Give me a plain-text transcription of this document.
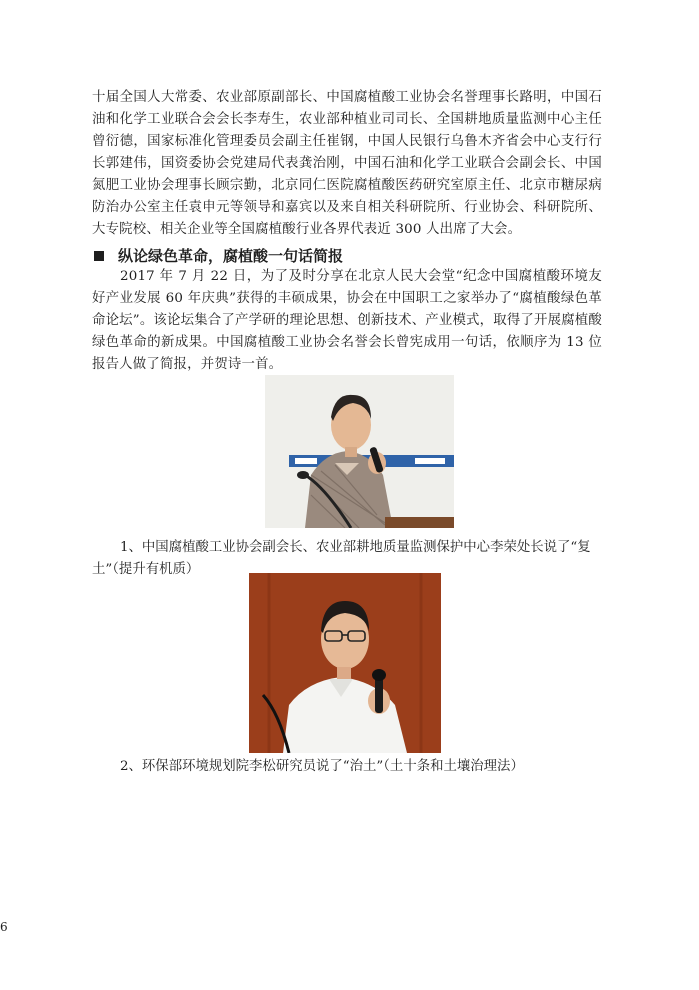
十届全国人大常委、农业部原副部长、中国腐植酸工业协会名誉理事长路明，中国石油和化学工业联合会会长李寿生，农业部种植业司司长、全国耕地质量监测中心主任曾衍德，国家标准化管理委员会副主任崔钢，中国人民银行乌鲁木齐省会中心支行行长郭建伟，国资委协会党建局代表龚治刚，中国石油和化学工业联合会副会长、中国氮肥工业协会理事长顾宗勤，北京同仁医院腐植酸医药研究室原主任、北京市糖尿病防治办公室主任袁申元等领导和嘉宾以及来自相关科研院所、行业协会、科研院所、大专院校、相关企业等全国腐植酸行业各界代表近 300 人出席了大会。

纵论绿色革命，腐植酸一句话简报

2017 年 7 月 22 日，为了及时分享在北京人民大会堂“纪念中国腐植酸环境友好产业发展 60 年庆典”获得的丰硕成果，协会在中国职工之家举办了“腐植酸绿色革命论坛”。该论坛集合了产学研的理论思想、创新技术、产业模式，取得了开展腐植酸绿色革命的新成果。中国腐植酸工业协会名誉会长曾宪成用一句话，依顺序为 13 位报告人做了简报，并贺诗一首。

1、中国腐植酸工业协会副会长、农业部耕地质量监测保护中心李荣处长说了“复土”（提升有机质）

2、环保部环境规划院李松研究员说了“治土”（土十条和土壤治理法）

6
